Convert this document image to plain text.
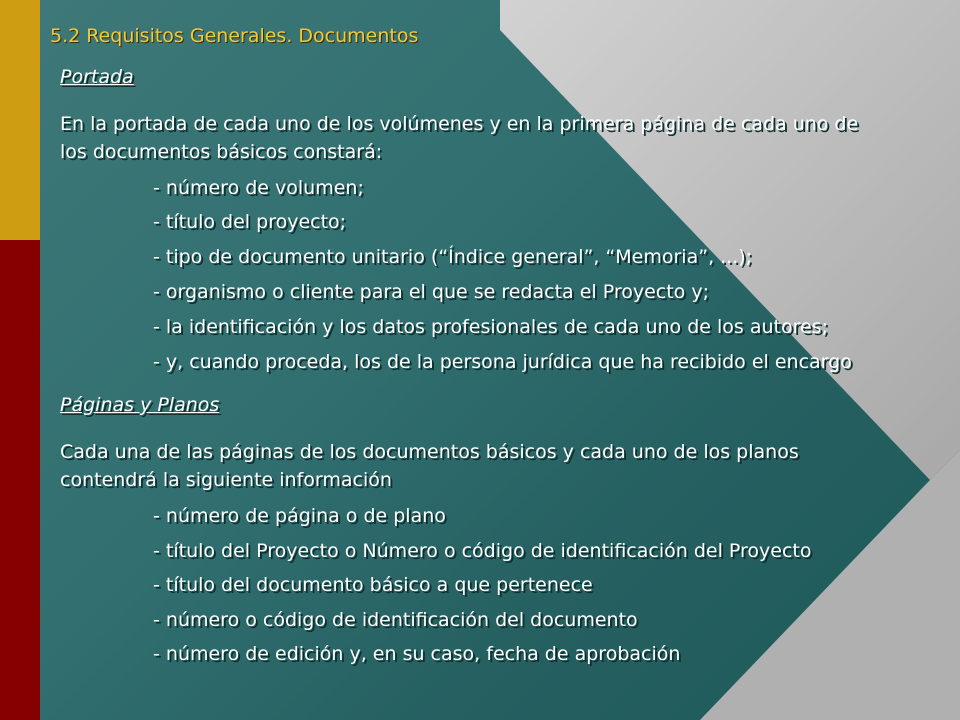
5.2 Requisitos Generales. Documentos
Portada
En la portada de cada uno de los volúmenes y en la primera página de cada uno de
los documentos básicos constará:
- número de volumen;
- título del proyecto;
- tipo de documento unitario (“Índice general”, “Memoria”, ...);
- organismo o cliente para el que se redacta el Proyecto y;
- la identificación y los datos profesionales de cada uno de los autores;
- y, cuando proceda, los de la persona jurídica que ha recibido el encargo
Páginas y Planos
Cada una de las páginas de los documentos básicos y cada uno de los planos
contendrá la siguiente información
- número de página o de plano
- título del Proyecto o Número o código de identificación del Proyecto
- título del documento básico a que pertenece
- número o código de identificación del documento
- número de edición y, en su caso, fecha de aprobación
